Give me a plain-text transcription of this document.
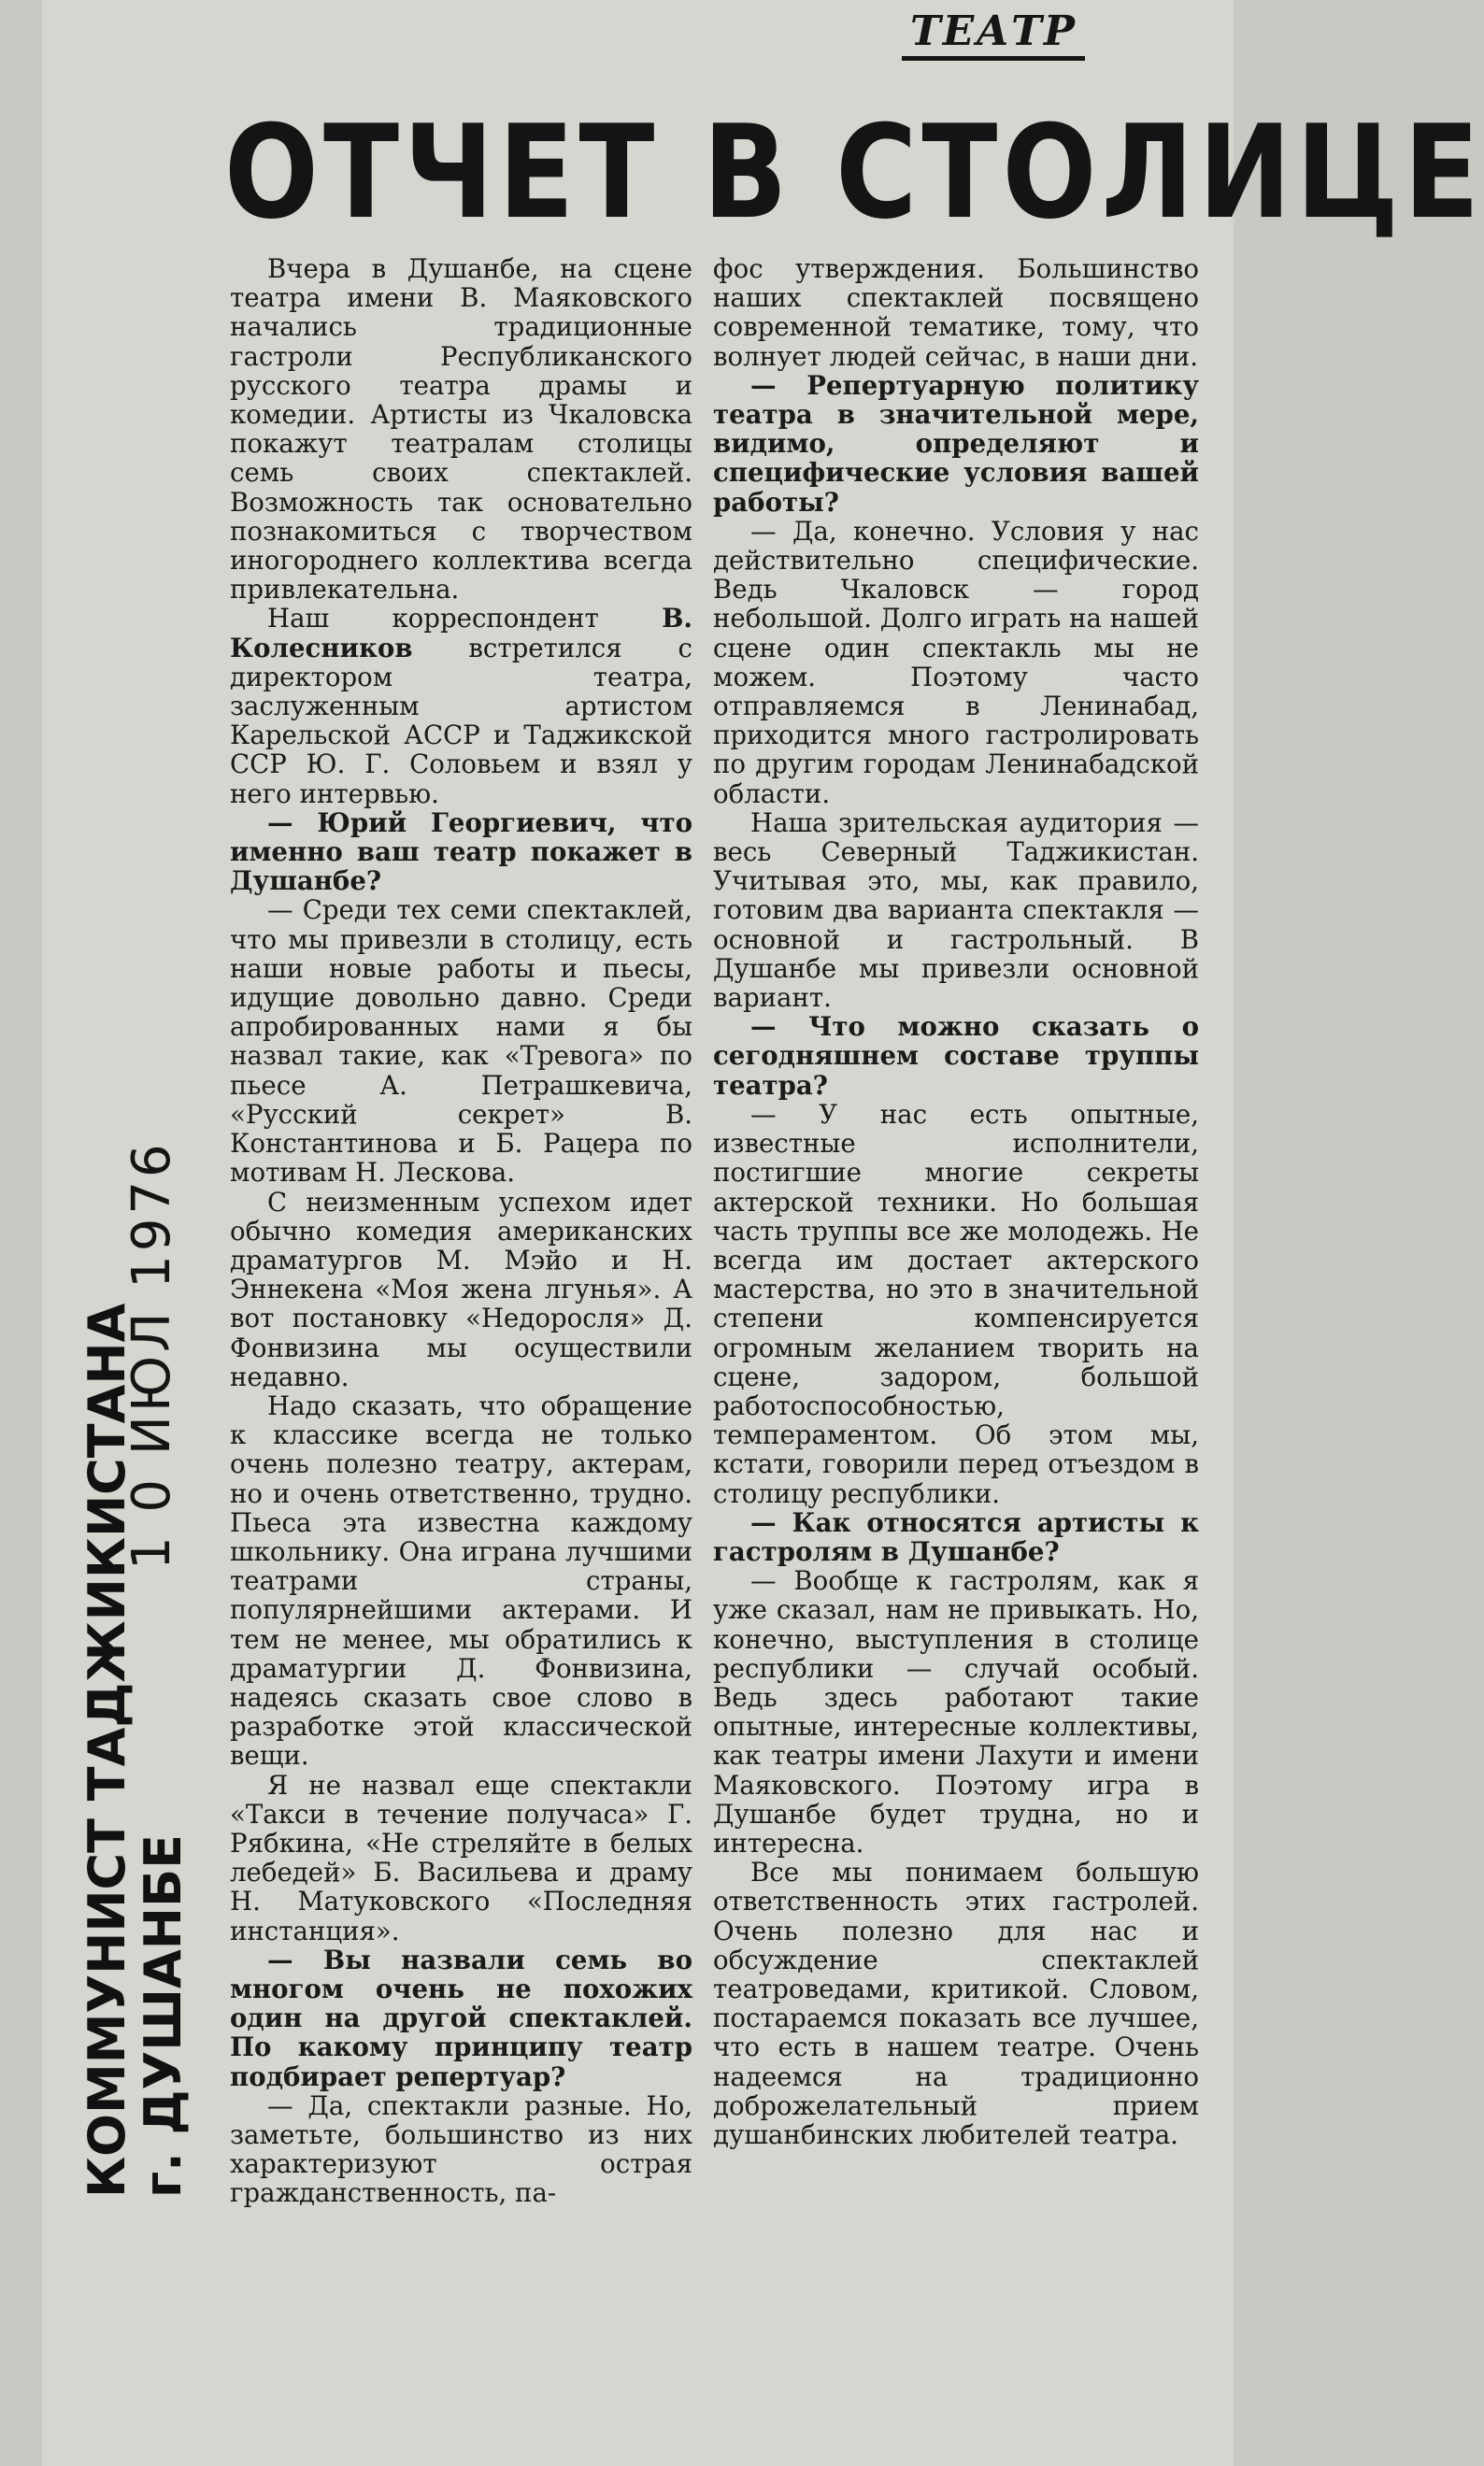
ТЕАТР
ОТЧЕТ В СТОЛИЦЕ
1 0 ИЮЛ 1976
КОММУНИСТ ТАДЖИКИСТАНА
г. ДУШАНБЕ

Вчера в Душанбе, на сцене театра имени В. Маяковского начались традиционные гастроли Республиканского русского театра драмы и комедии. Артисты из Чкаловска покажут театралам столицы семь своих спектаклей. Возможность так основательно познакомиться с творчеством иногороднего коллектива всегда привлекательна.

Наш корреспондент В. Колесников встретился с директором театра, заслуженным артистом Карельской АССР и Таджикской ССР Ю. Г. Соловьем и взял у него интервью.

— Юрий Георгиевич, что именно ваш театр покажет в Душанбе?

— Среди тех семи спектаклей, что мы привезли в столицу, есть наши новые работы и пьесы, идущие довольно давно. Среди апробированных нами я бы назвал такие, как «Тревога» по пьесе А. Петрашкевича, «Русский секрет» В. Константинова и Б. Рацера по мотивам Н. Лескова.

С неизменным успехом идет обычно комедия американских драматургов М. Мэйо и Н. Эннекена «Моя жена лгунья». А вот постановку «Недоросля» Д. Фонвизина мы осуществили недавно.

Надо сказать, что обращение к классике всегда не только очень полезно театру, актерам, но и очень ответственно, трудно. Пьеса эта известна каждому школьнику. Она играна лучшими театрами страны, популярнейшими актерами. И тем не менее, мы обратились к драматургии Д. Фонвизина, надеясь сказать свое слово в разработке этой классической вещи.

Я не назвал еще спектакли «Такси в течение получаса» Г. Рябкина, «Не стреляйте в белых лебедей» Б. Васильева и драму Н. Матуковского «Последняя инстанция».

— Вы назвали семь во многом очень не похожих один на другой спектаклей. По какому принципу театр подбирает репертуар?

— Да, спектакли разные. Но, заметьте, большинство из них характеризуют острая гражданственность, па-

фос утверждения. Большинство наших спектаклей посвящено современной тематике, тому, что волнует людей сейчас, в наши дни.

— Репертуарную политику театра в значительной мере, видимо, определяют и специфические условия вашей работы?

— Да, конечно. Условия у нас действительно специфические. Ведь Чкаловск — город небольшой. Долго играть на нашей сцене один спектакль мы не можем. Поэтому часто отправляемся в Ленинабад, приходится много гастролировать по другим городам Ленинабадской области.

Наша зрительская аудитория — весь Северный Таджикистан. Учитывая это, мы, как правило, готовим два варианта спектакля — основной и гастрольный. В Душанбе мы привезли основной вариант.

— Что можно сказать о сегодняшнем составе труппы театра?

— У нас есть опытные, известные исполнители, постигшие многие секреты актерской техники. Но большая часть труппы все же молодежь. Не всегда им достает актерского мастерства, но это в значительной степени компенсируется огромным желанием творить на сцене, задором, большой работоспособностью, темпераментом. Об этом мы, кстати, говорили перед отъездом в столицу республики.

— Как относятся артисты к гастролям в Душанбе?

— Вообще к гастролям, как я уже сказал, нам не привыкать. Но, конечно, выступления в столице республики — случай особый. Ведь здесь работают такие опытные, интересные коллективы, как театры имени Лахути и имени Маяковского. Поэтому игра в Душанбе будет трудна, но и интересна.

Все мы понимаем большую ответственность этих гастролей. Очень полезно для нас и обсуждение спектаклей театроведами, критикой. Словом, постараемся показать все лучшее, что есть в нашем театре. Очень надеемся на традиционно доброжелательный прием душанбинских любителей театра.
